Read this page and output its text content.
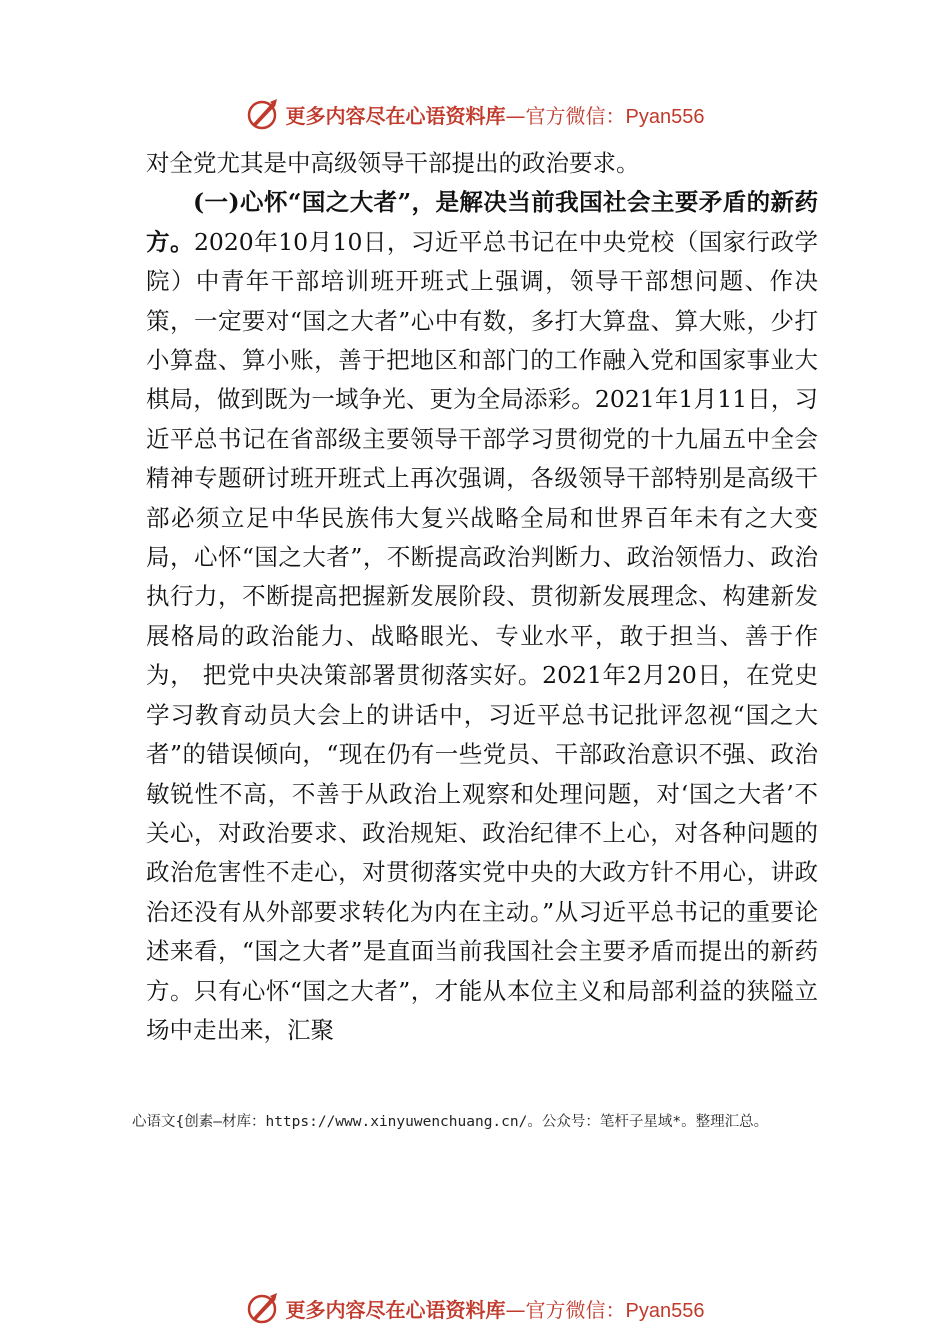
更多内容尽在心语资料库—官方微信：Pyan556

对全党尤其是中高级领导干部提出的政治要求。

(一)心怀“国之大者”，是解决当前我国社会主要矛盾的新药方。2020年10月10日，习近平总书记在中央党校（国家行政学院）中青年干部培训班开班式上强调，领导干部想问题、作决策，一定要对“国之大者”心中有数，多打大算盘、算大账，少打小算盘、算小账，善于把地区和部门的工作融入党和国家事业大棋局，做到既为一域争光、更为全局添彩。2021年1月11日，习近平总书记在省部级主要领导干部学习贯彻党的十九届五中全会精神专题研讨班开班式上再次强调，各级领导干部特别是高级干部必须立足中华民族伟大复兴战略全局和世界百年未有之大变局，心怀“国之大者”，不断提高政治判断力、政治领悟力、政治执行力，不断提高把握新发展阶段、贯彻新发展理念、构建新发展格局的政治能力、战略眼光、专业水平，敢于担当、善于作为， 把党中央决策部署贯彻落实好。2021年2月20日，在党史学习教育动员大会上的讲话中，习近平总书记批评忽视“国之大者”的错误倾向，“现在仍有一些党员、干部政治意识不强、政治敏锐性不高，不善于从政治上观察和处理问题，对‘国之大者’不关心，对政治要求、政治规矩、政治纪律不上心，对各种问题的政治危害性不走心，对贯彻落实党中央的大政方针不用心，讲政治还没有从外部要求转化为内在主动。”从习近平总书记的重要论述来看，“国之大者”是直面当前我国社会主要矛盾而提出的新药方。只有心怀“国之大者”，才能从本位主义和局部利益的狭隘立场中走出来，汇聚

心语文{创素—材库：https://www.xinyuwenchuang.cn/。公众号：笔杆子星域*。整理汇总。
更多内容尽在心语资料库—官方微信：Pyan556
